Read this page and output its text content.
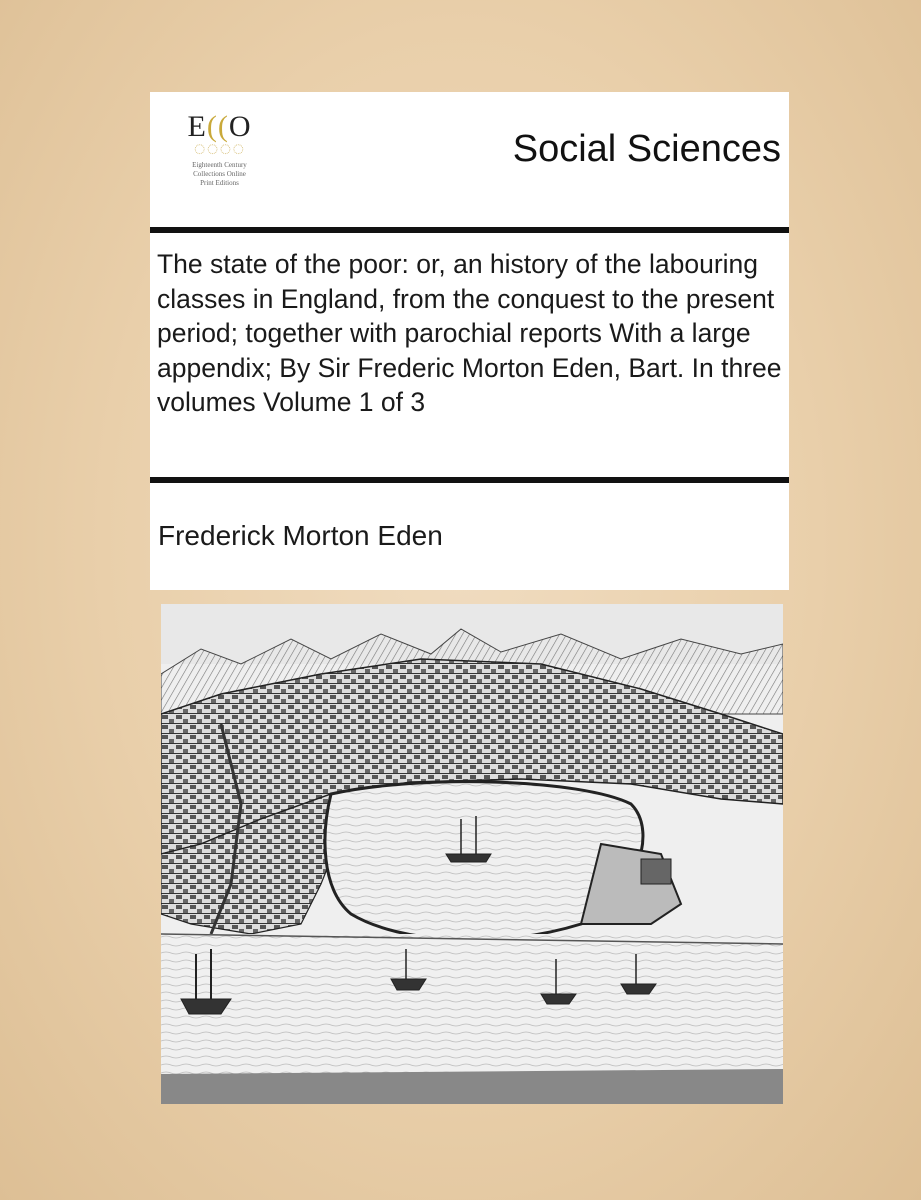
E((O
◌◌◌◌
Eighteenth Century
Collections Online
Print Editions
Social Sciences

The state of the poor: or, an history of the labouring classes in England, from the conquest to the present period; together with parochial reports With a large appendix; By Sir Frederic Morton Eden, Bart. In three volumes Volume 1 of 3

Frederick Morton Eden
